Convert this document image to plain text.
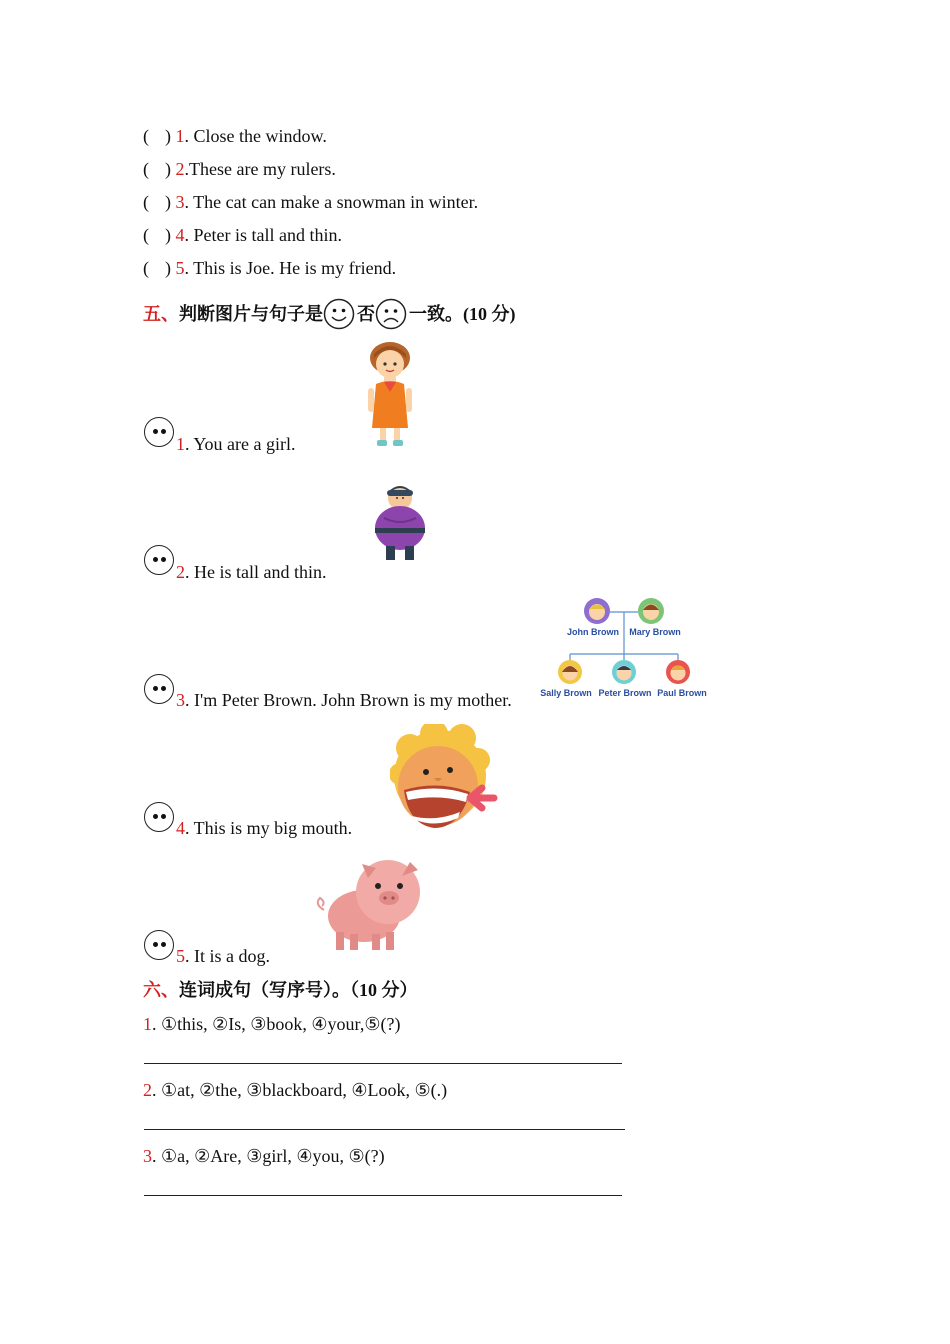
( ) 1. Close the window.
( ) 2.These are my rulers.
( ) 3. The cat can make a snowman in winter.
( ) 4. Peter is tall and thin.
( ) 5. This is Joe. He is my friend.
五、判断图片与句子是 否 一致。(10 分)
1. You are a girl.
2. He is tall and thin.
3. I'm Peter Brown. John Brown is my mother.
4. This is my big mouth.
5. It is a dog.
John Brown Mary Brown
Sally Brown Peter Brown Paul Brown
六、连词成句（写序号）。（10 分）
1. ①this, ②Is, ③book, ④your,⑤(?)
2. ①at, ②the, ③blackboard, ④Look, ⑤(.)
3. ①a, ②Are, ③girl, ④you, ⑤(?)
